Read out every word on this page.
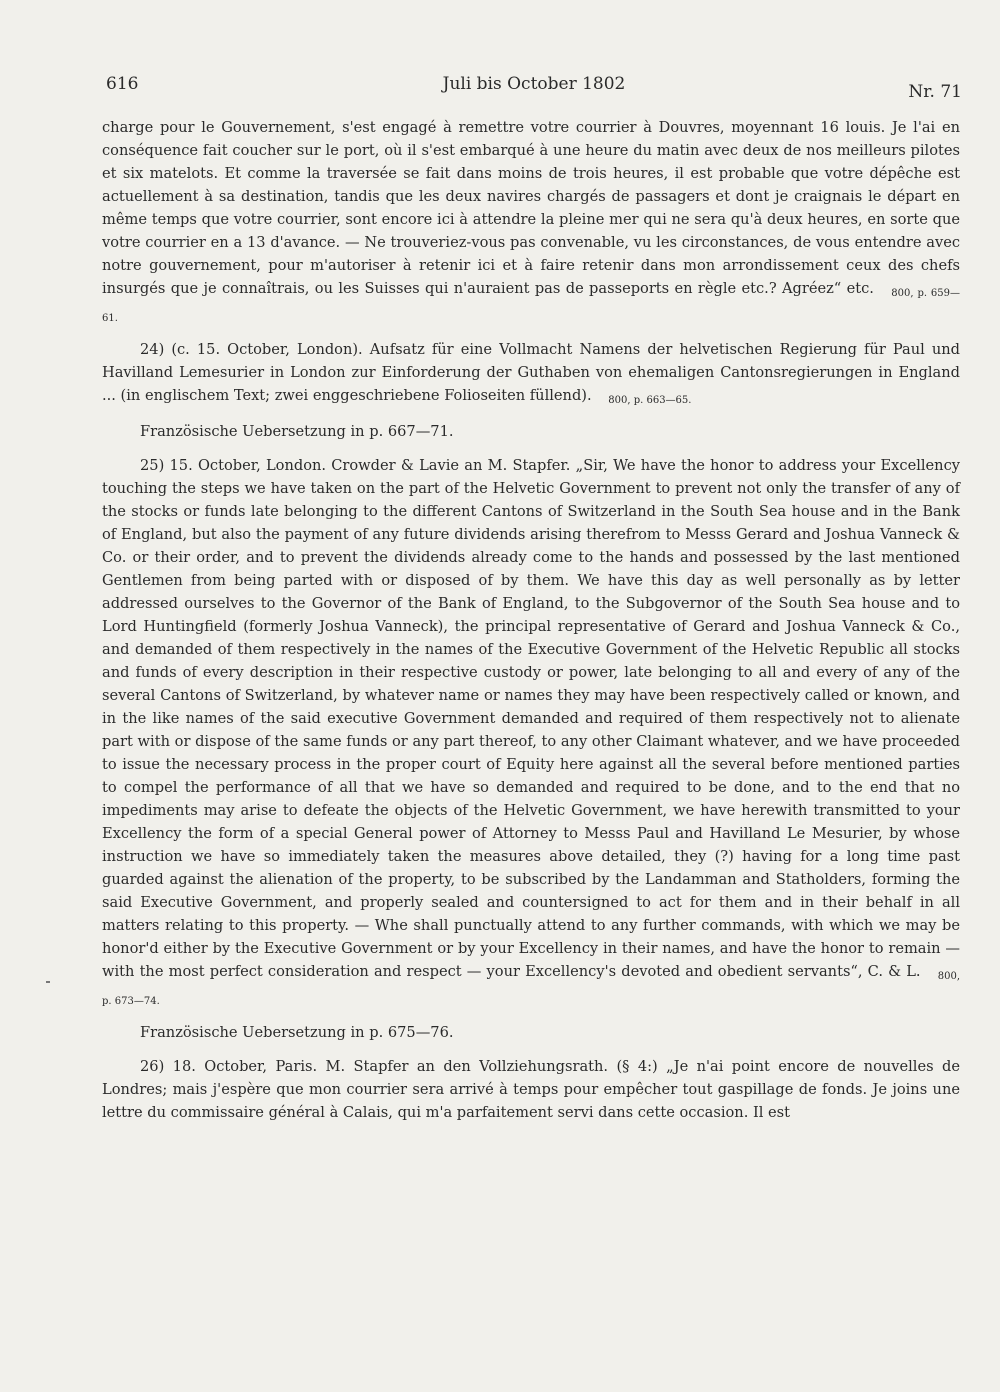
616	Juli bis October 1802	Nr. 71

charge pour le Gouvernement, s'est engagé à remettre votre courrier à Douvres, moyennant 16 louis. Je l'ai en conséquence fait coucher sur le port, où il s'est embarqué à une heure du matin avec deux de nos meilleurs pilotes et six matelots. Et comme la traversée se fait dans moins de trois heures, il est probable que votre dépêche est actuellement à sa destination, tandis que les deux navires chargés de passagers et dont je craignais le départ en même temps que votre courrier, sont encore ici à attendre la pleine mer qui ne sera qu'à deux heures, en sorte que votre courrier en a 13 d'avance. — Ne trouveriez-vous pas convenable, vu les circonstances, de vous entendre avec notre gouvernement, pour m'autoriser à retenir ici et à faire retenir dans mon arrondissement ceux des chefs insurgés que je connaîtrais, ou les Suisses qui n'auraient pas de passeports en règle etc.? Agréez“ etc. $_{800, p. 659—61.}$

24) (c. 15. October, London). Aufsatz für eine Vollmacht Namens der helvetischen Regierung für Paul und Havilland Lemesurier in London zur Einforderung der Guthaben von ehemaligen Cantonsregierungen in England ... (in englischem Text; zwei enggeschriebene Folioseiten füllend). $_{800, p. 663—65.}$

Französische Uebersetzung in p. 667—71.

25) 15. October, London. Crowder & Lavie an M. Stapfer. „Sir, We have the honor to address your Excellency touching the steps we have taken on the part of the Helvetic Government to prevent not only the transfer of any of the stocks or funds late belonging to the different Cantons of Switzerland in the South Sea house and in the Bank of England, but also the payment of any future dividends arising therefrom to Messs Gerard and Joshua Vanneck & Co. or their order, and to prevent the dividends already come to the hands and possessed by the last mentioned Gentlemen from being parted with or disposed of by them. We have this day as well personally as by letter addressed ourselves to the Governor of the Bank of England, to the Subgovernor of the South Sea house and to Lord Huntingfield (formerly Joshua Vanneck), the principal representative of Gerard and Joshua Vanneck & Co., and demanded of them respectively in the names of the Executive Government of the Helvetic Republic all stocks and funds of every description in their respective custody or power, late belonging to all and every of any of the several Cantons of Switzerland, by whatever name or names they may have been respectively called or known, and in the like names of the said executive Government demanded and required of them respectively not to alienate part with or dispose of the same funds or any part thereof, to any other Claimant whatever, and we have proceeded to issue the necessary process in the proper court of Equity here against all the several before mentioned parties to compel the performance of all that we have so demanded and required to be done, and to the end that no impediments may arise to defeate the objects of the Helvetic Government, we have herewith transmitted to your Excellency the form of a special General power of Attorney to Messs Paul and Havilland Le Mesurier, by whose instruction we have so immediately taken the measures above detailed, they (?) having for a long time past guarded against the alienation of the property, to be subscribed by the Landamman and Statholders, forming the said Executive Government, and properly sealed and countersigned to act for them and in their behalf in all matters relating to this property. — Whe shall punctually attend to any further commands, with which we may be honor'd either by the Executive Government or by your Excellency in their names, and have the honor to remain — with the most perfect consideration and respect — your Excellency's devoted and obedient servants“, C. & L. $_{800, p. 673—74.}$

Französische Uebersetzung in p. 675—76.

26) 18. October, Paris. M. Stapfer an den Vollziehungsrath. (§ 4:) „Je n'ai point encore de nouvelles de Londres; mais j'espère que mon courrier sera arrivé à temps pour empêcher tout gaspillage de fonds. Je joins une lettre du commissaire général à Calais, qui m'a parfaitement servi dans cette occasion. Il est
